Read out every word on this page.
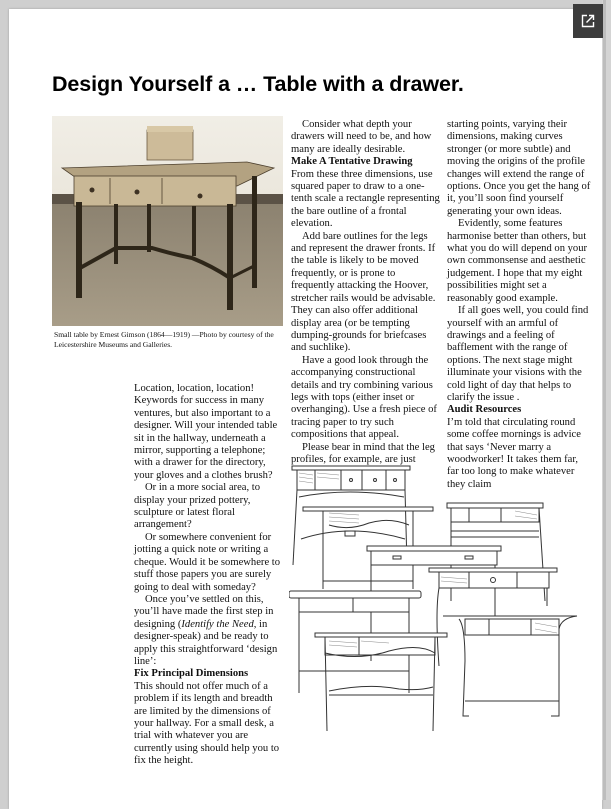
Design Yourself a … Table with a drawer.
Small table by Ernest Gimson (1864—1919) —Photo by courtesy of the Leicestershire Museums and Galleries.

Location, location, location! Keywords for success in many ventures, but also important to a designer. Will your intended table sit in the hallway, underneath a mirror, supporting a telephone; with a drawer for the directory, your gloves and a clothes brush?

Or in a more social area, to display your prized pottery, sculpture or latest floral arrangement?

Or somewhere convenient for jotting a quick note or writing a cheque. Would it be somewhere to stuff those papers you are surely going to deal with someday?

Once you’ve settled on this, you’ll have made the first step in designing (Identify the Need, in designer-speak) and be ready to apply this straightforward ‘design line’:

Fix Principal Dimensions

This should not offer much of a problem if its length and breadth are limited by the dimensions of your hallway. For a small desk, a trial with whatever you are currently using should help you to fix the height.

Consider what depth your drawers will need to be, and how many are ideally desirable.

Make A Tentative Drawing

From these three dimensions, use squared paper to draw to a one-tenth scale a rectangle representing the bare outline of a frontal elevation.

Add bare outlines for the legs and represent the drawer fronts. If the table is likely to be moved frequently, or is prone to frequently attacking the Hoover, stretcher rails would be advisable. They can also offer additional display area (or be tempting dumping-grounds for briefcases and suchlike).

Have a good look through the accompanying constructional details and try combining various legs with tops (either inset or overhanging). Use a fresh piece of tracing paper to try such compositions that appeal.

Please bear in mind that the leg profiles, for example, are just

starting points, varying their dimensions, making curves stronger (or more subtle) and moving the origins of the profile changes will extend the range of options. Once you get the hang of it, you’ll soon find yourself generating your own ideas.

Evidently, some features harmonise better than others, but what you do will depend on your own commonsense and aesthetic judgement. I hope that my eight possibilities might set a reasonably good example.

If all goes well, you could find yourself with an armful of drawings and a feeling of bafflement with the range of options. The next stage might illuminate your visions with the cold light of day that helps to clarify the issue .

Audit Resources

I’m told that circulating round some coffee mornings is advice that says ‘Never marry a woodworker! It takes them far, far too long to make whatever they claim
